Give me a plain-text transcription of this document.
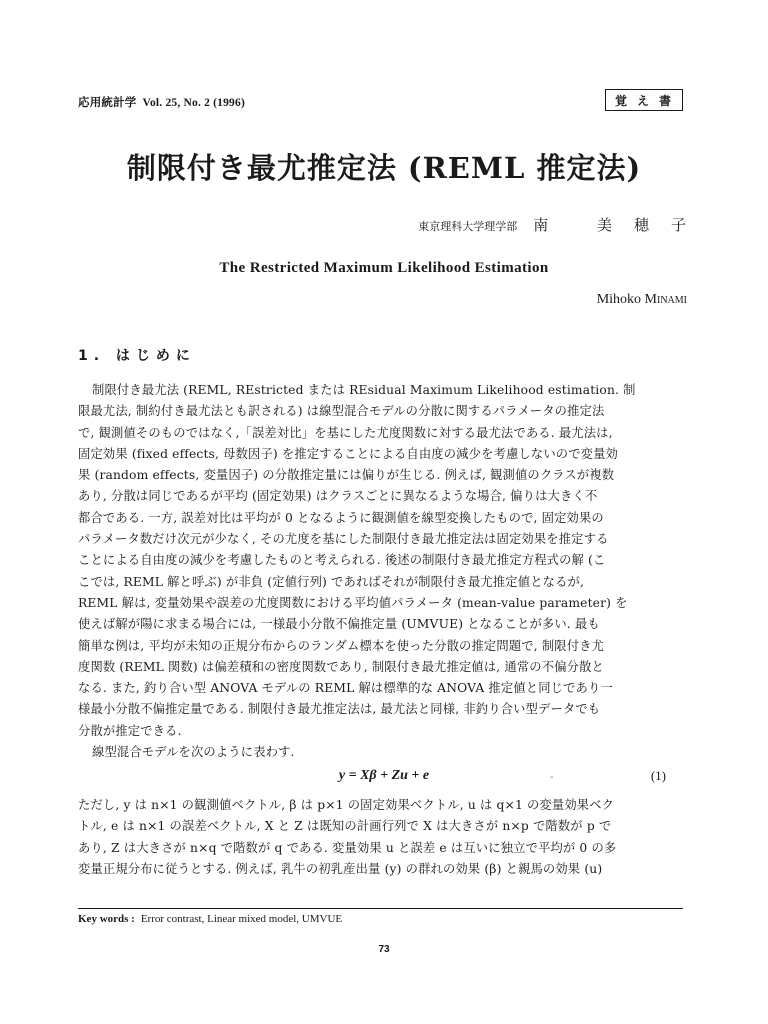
応用統計学 Vol. 25, No. 2 (1996)	覚え書
制限付き最尤推定法 (REML 推定法)
東京理科大学理学部 南 美穂子
The Restricted Maximum Likelihood Estimation
Mihoko Minami
1. はじめに
制限付き最尤法 (REML, REstricted または REsidual Maximum Likelihood estimation. 制
限最尤法, 制約付き最尤法とも訳される) は線型混合モデルの分散に関するパラメータの推定法
で, 観測値そのものではなく,「誤差対比」を基にした尤度関数に対する最尤法である. 最尤法は,
固定効果 (fixed effects, 母数因子) を推定することによる自由度の減少を考慮しないので変量効
果 (random effects, 変量因子) の分散推定量には偏りが生じる. 例えば, 観測値のクラスが複数
あり, 分散は同じであるが平均 (固定効果) はクラスごとに異なるような場合, 偏りは大きく不
都合である. 一方, 誤差対比は平均が 0 となるように観測値を線型変換したもので, 固定効果の
パラメータ数だけ次元が少なく, その尤度を基にした制限付き最尤推定法は固定効果を推定する
ことによる自由度の減少を考慮したものと考えられる. 後述の制限付き最尤推定方程式の解 (こ
こでは, REML 解と呼ぶ) が非負 (定値行列) であればそれが制限付き最尤推定値となるが,
REML 解は, 変量効果や誤差の尤度関数における平均値パラメータ (mean-value parameter) を
使えば解が陽に求まる場合には, 一様最小分散不偏推定量 (UMVUE) となることが多い. 最も
簡単な例は, 平均が未知の正規分布からのランダム標本を使った分散の推定問題で, 制限付き尤
度関数 (REML 関数) は偏差積和の密度関数であり, 制限付き最尤推定値は, 通常の不偏分散と
なる. また, 釣り合い型 ANOVA モデルの REML 解は標準的な ANOVA 推定値と同じであり一
様最小分散不偏推定量である. 制限付き最尤推定法は, 最尤法と同様, 非釣り合い型データでも
分散が推定できる.
線型混合モデルを次のように表わす.
y = Xβ + Zu + e	-	(1)
ただし, y は n×1 の観測値ベクトル, β は p×1 の固定効果ベクトル, u は q×1 の変量効果ベク
トル, e は n×1 の誤差ベクトル, X と Z は既知の計画行列で X は大きさが n×p で階数が p で
あり, Z は大きさが n×q で階数が q である. 変量効果 u と誤差 e は互いに独立で平均が 0 の多
変量正規分布に従うとする. 例えば, 乳牛の初乳産出量 (y) の群れの効果 (β) と親馬の効果 (u)
Key words : Error contrast, Linear mixed model, UMVUE
73
